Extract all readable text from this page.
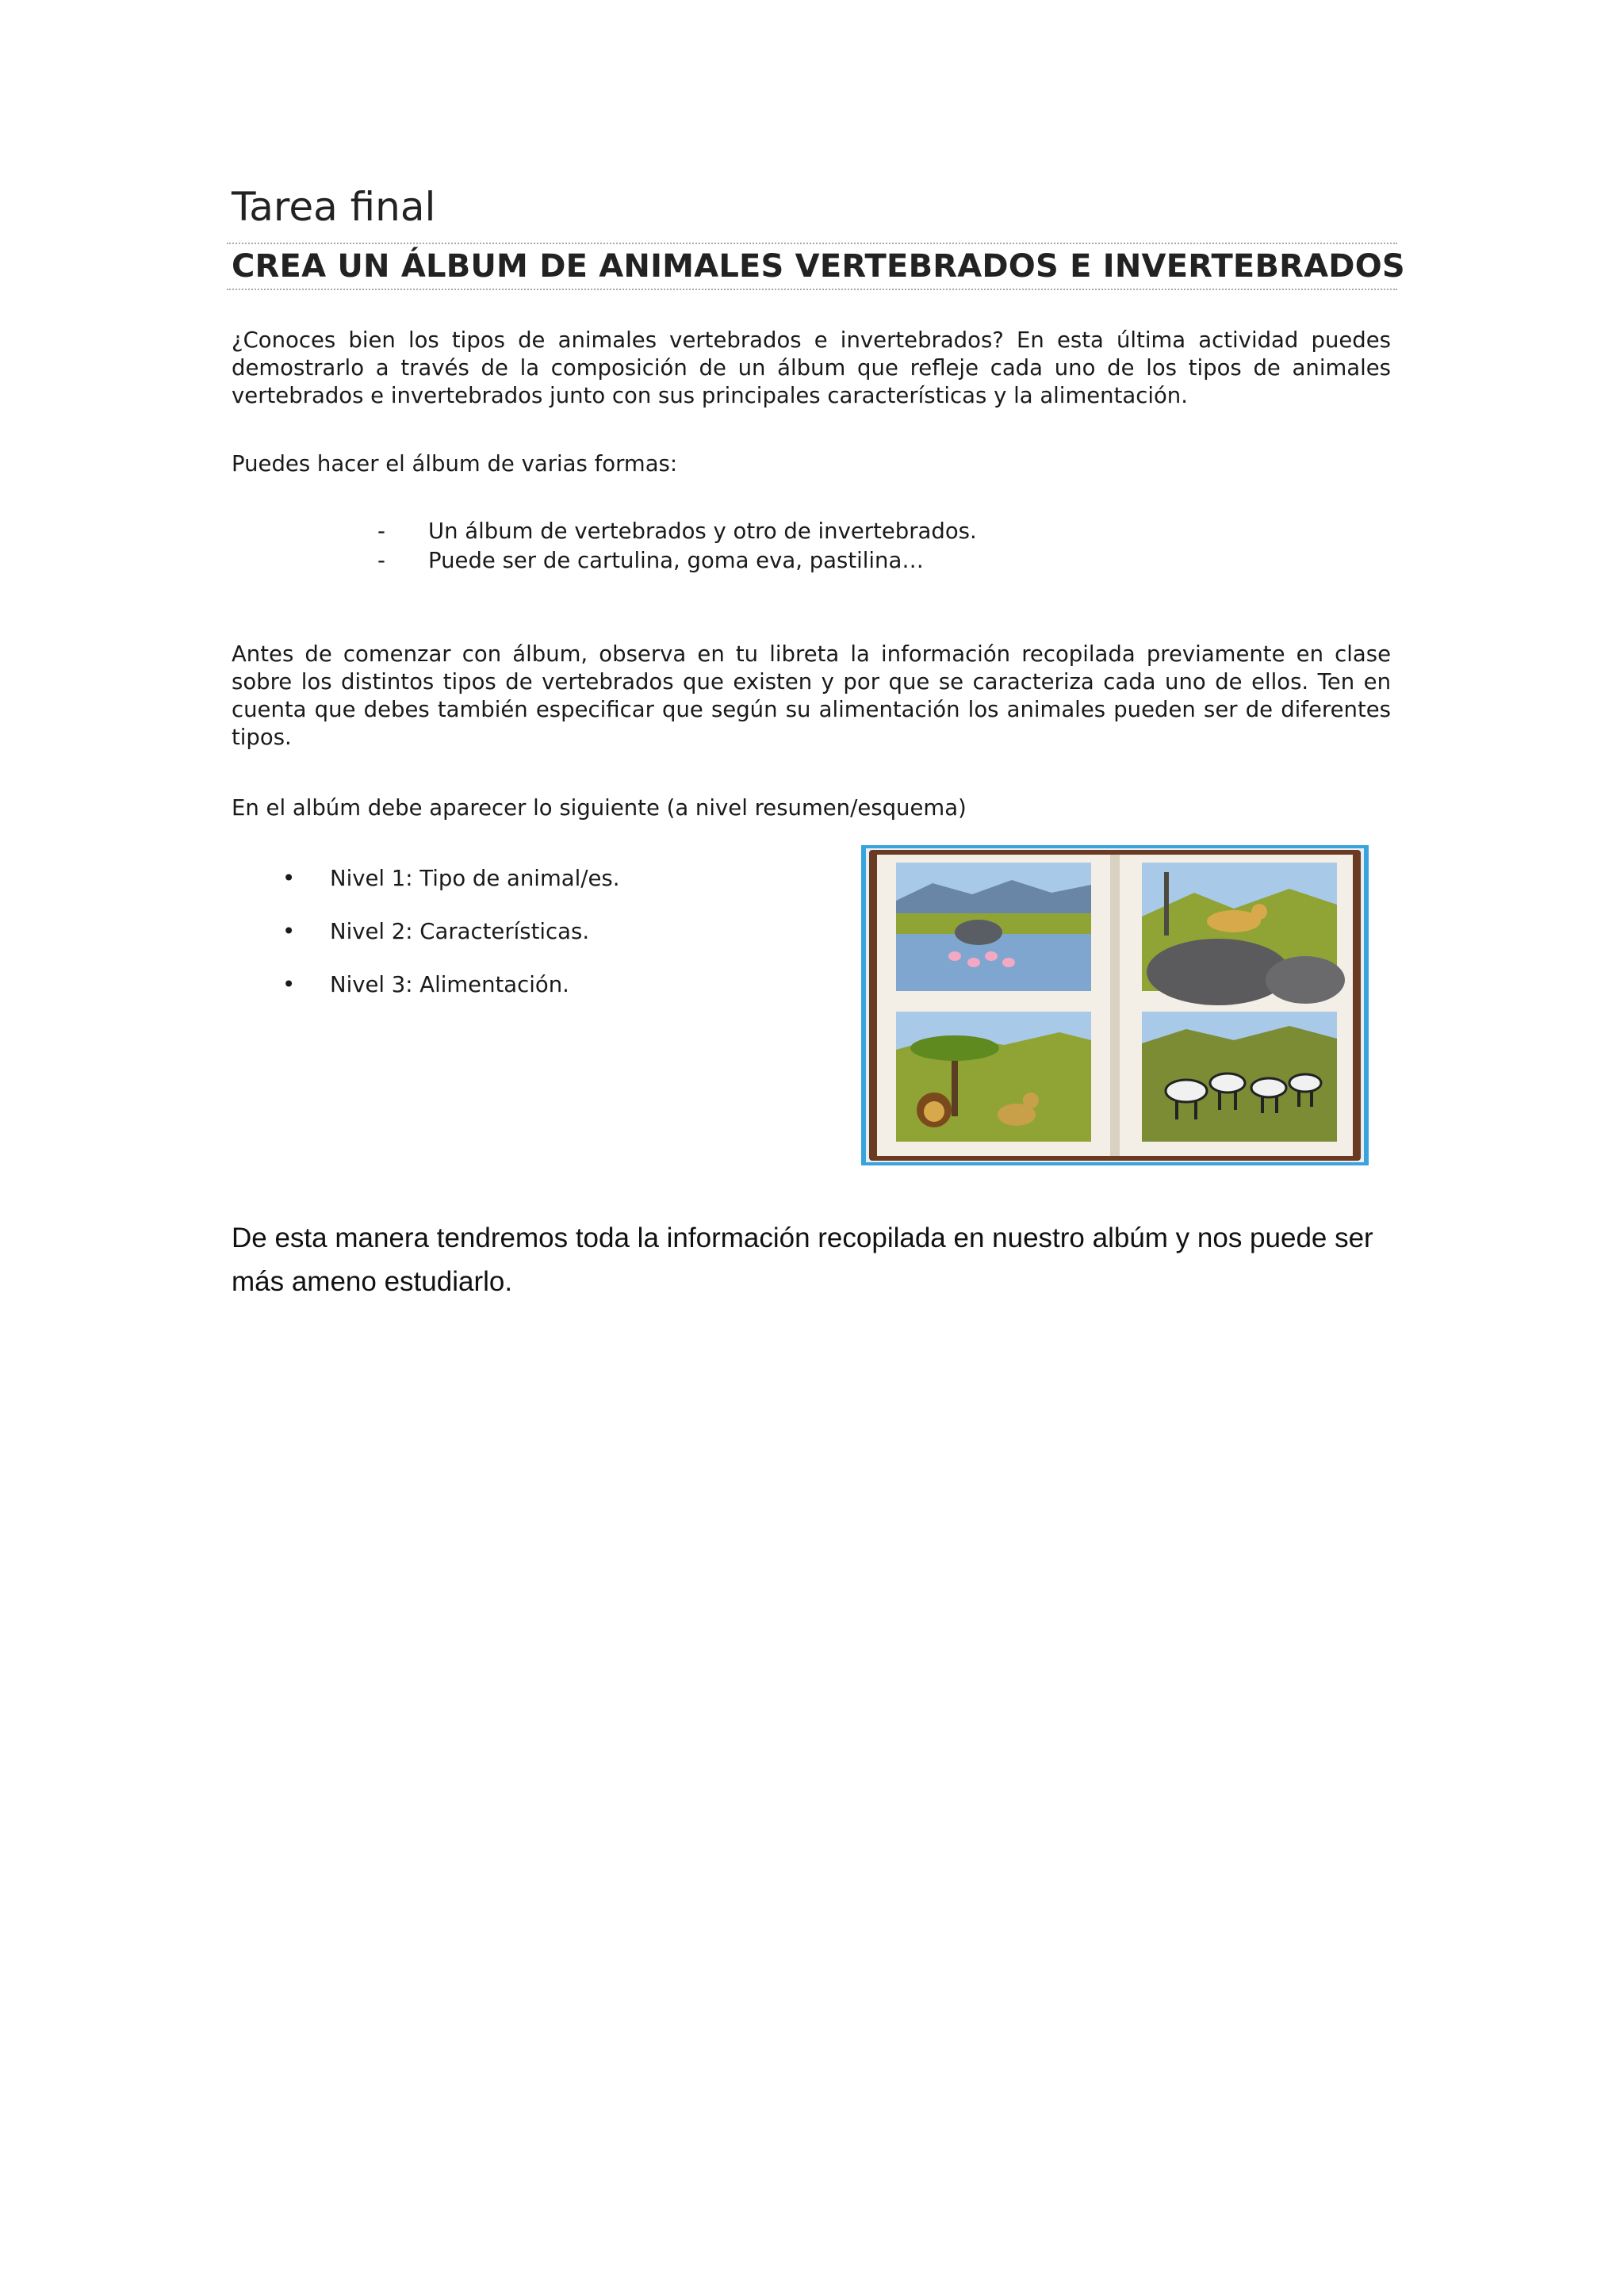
Tarea final
CREA UN ÁLBUM DE ANIMALES VERTEBRADOS E INVERTEBRADOS

¿Conoces bien los tipos de animales vertebrados e invertebrados? En esta última actividad puedes demostrarlo a través de la composición de un álbum que refleje cada uno de los tipos de animales vertebrados e invertebrados junto con sus principales características y la alimentación.

Puedes hacer el álbum de varias formas:

- Un álbum de vertebrados y otro de invertebrados.
- Puede ser de cartulina, goma eva, pastilina…

Antes de comenzar con álbum, observa en tu libreta la información recopilada previamente en clase sobre los distintos tipos de vertebrados que existen y por que se caracteriza cada uno de ellos. Ten en cuenta que debes también especificar que según su alimentación los animales pueden ser de diferentes tipos.

En el albúm debe aparecer lo siguiente (a nivel resumen/esquema)

• Nivel 1: Tipo de animal/es.
• Nivel 2: Características.
• Nivel 3: Alimentación.

De esta manera tendremos toda la información recopilada en nuestro albúm y nos puede ser más ameno estudiarlo.
